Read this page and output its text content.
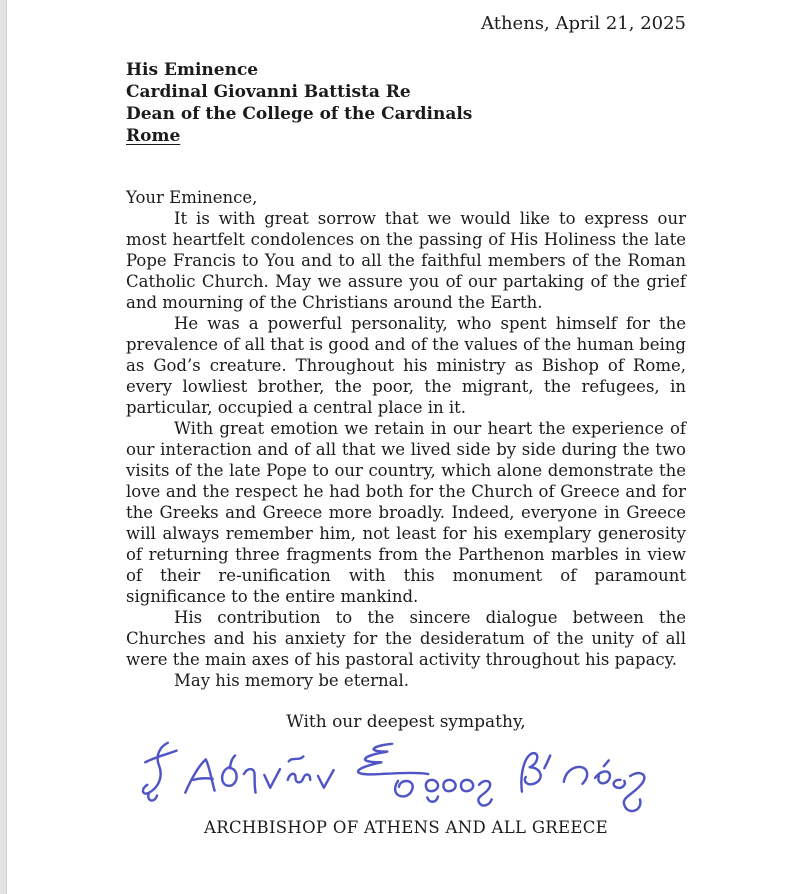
Athens, April 21, 2025
His Eminence
Cardinal Giovanni Battista Re
Dean of the College of the Cardinals
Rome
Your Eminence,

It is with great sorrow that we would like to express our most heartfelt condolences on the passing of His Holiness the late Pope Francis to You and to all the faithful members of the Roman Catholic Church. May we assure you of our partaking of the grief and mourning of the Christians around the Earth.

He was a powerful personality, who spent himself for the prevalence of all that is good and of the values of the human being as God’s creature. Throughout his ministry as Bishop of Rome, every lowliest brother, the poor, the migrant, the refugees, in particular, occupied a central place in it.

With great emotion we retain in our heart the experience of our interaction and of all that we lived side by side during the two visits of the late Pope to our country, which alone demonstrate the love and the respect he had both for the Church of Greece and for the Greeks and Greece more broadly. Indeed, everyone in Greece will always remember him, not least for his exemplary generosity of returning three fragments from the Parthenon marbles in view of their re-unification with this monument of paramount significance to the entire mankind.

His contribution to the sincere dialogue between the Churches and his anxiety for the desideratum of the unity of all were the main axes of his pastoral activity throughout his papacy.

May his memory be eternal.

With our deepest sympathy,
ARCHBISHOP OF ATHENS AND ALL GREECE
